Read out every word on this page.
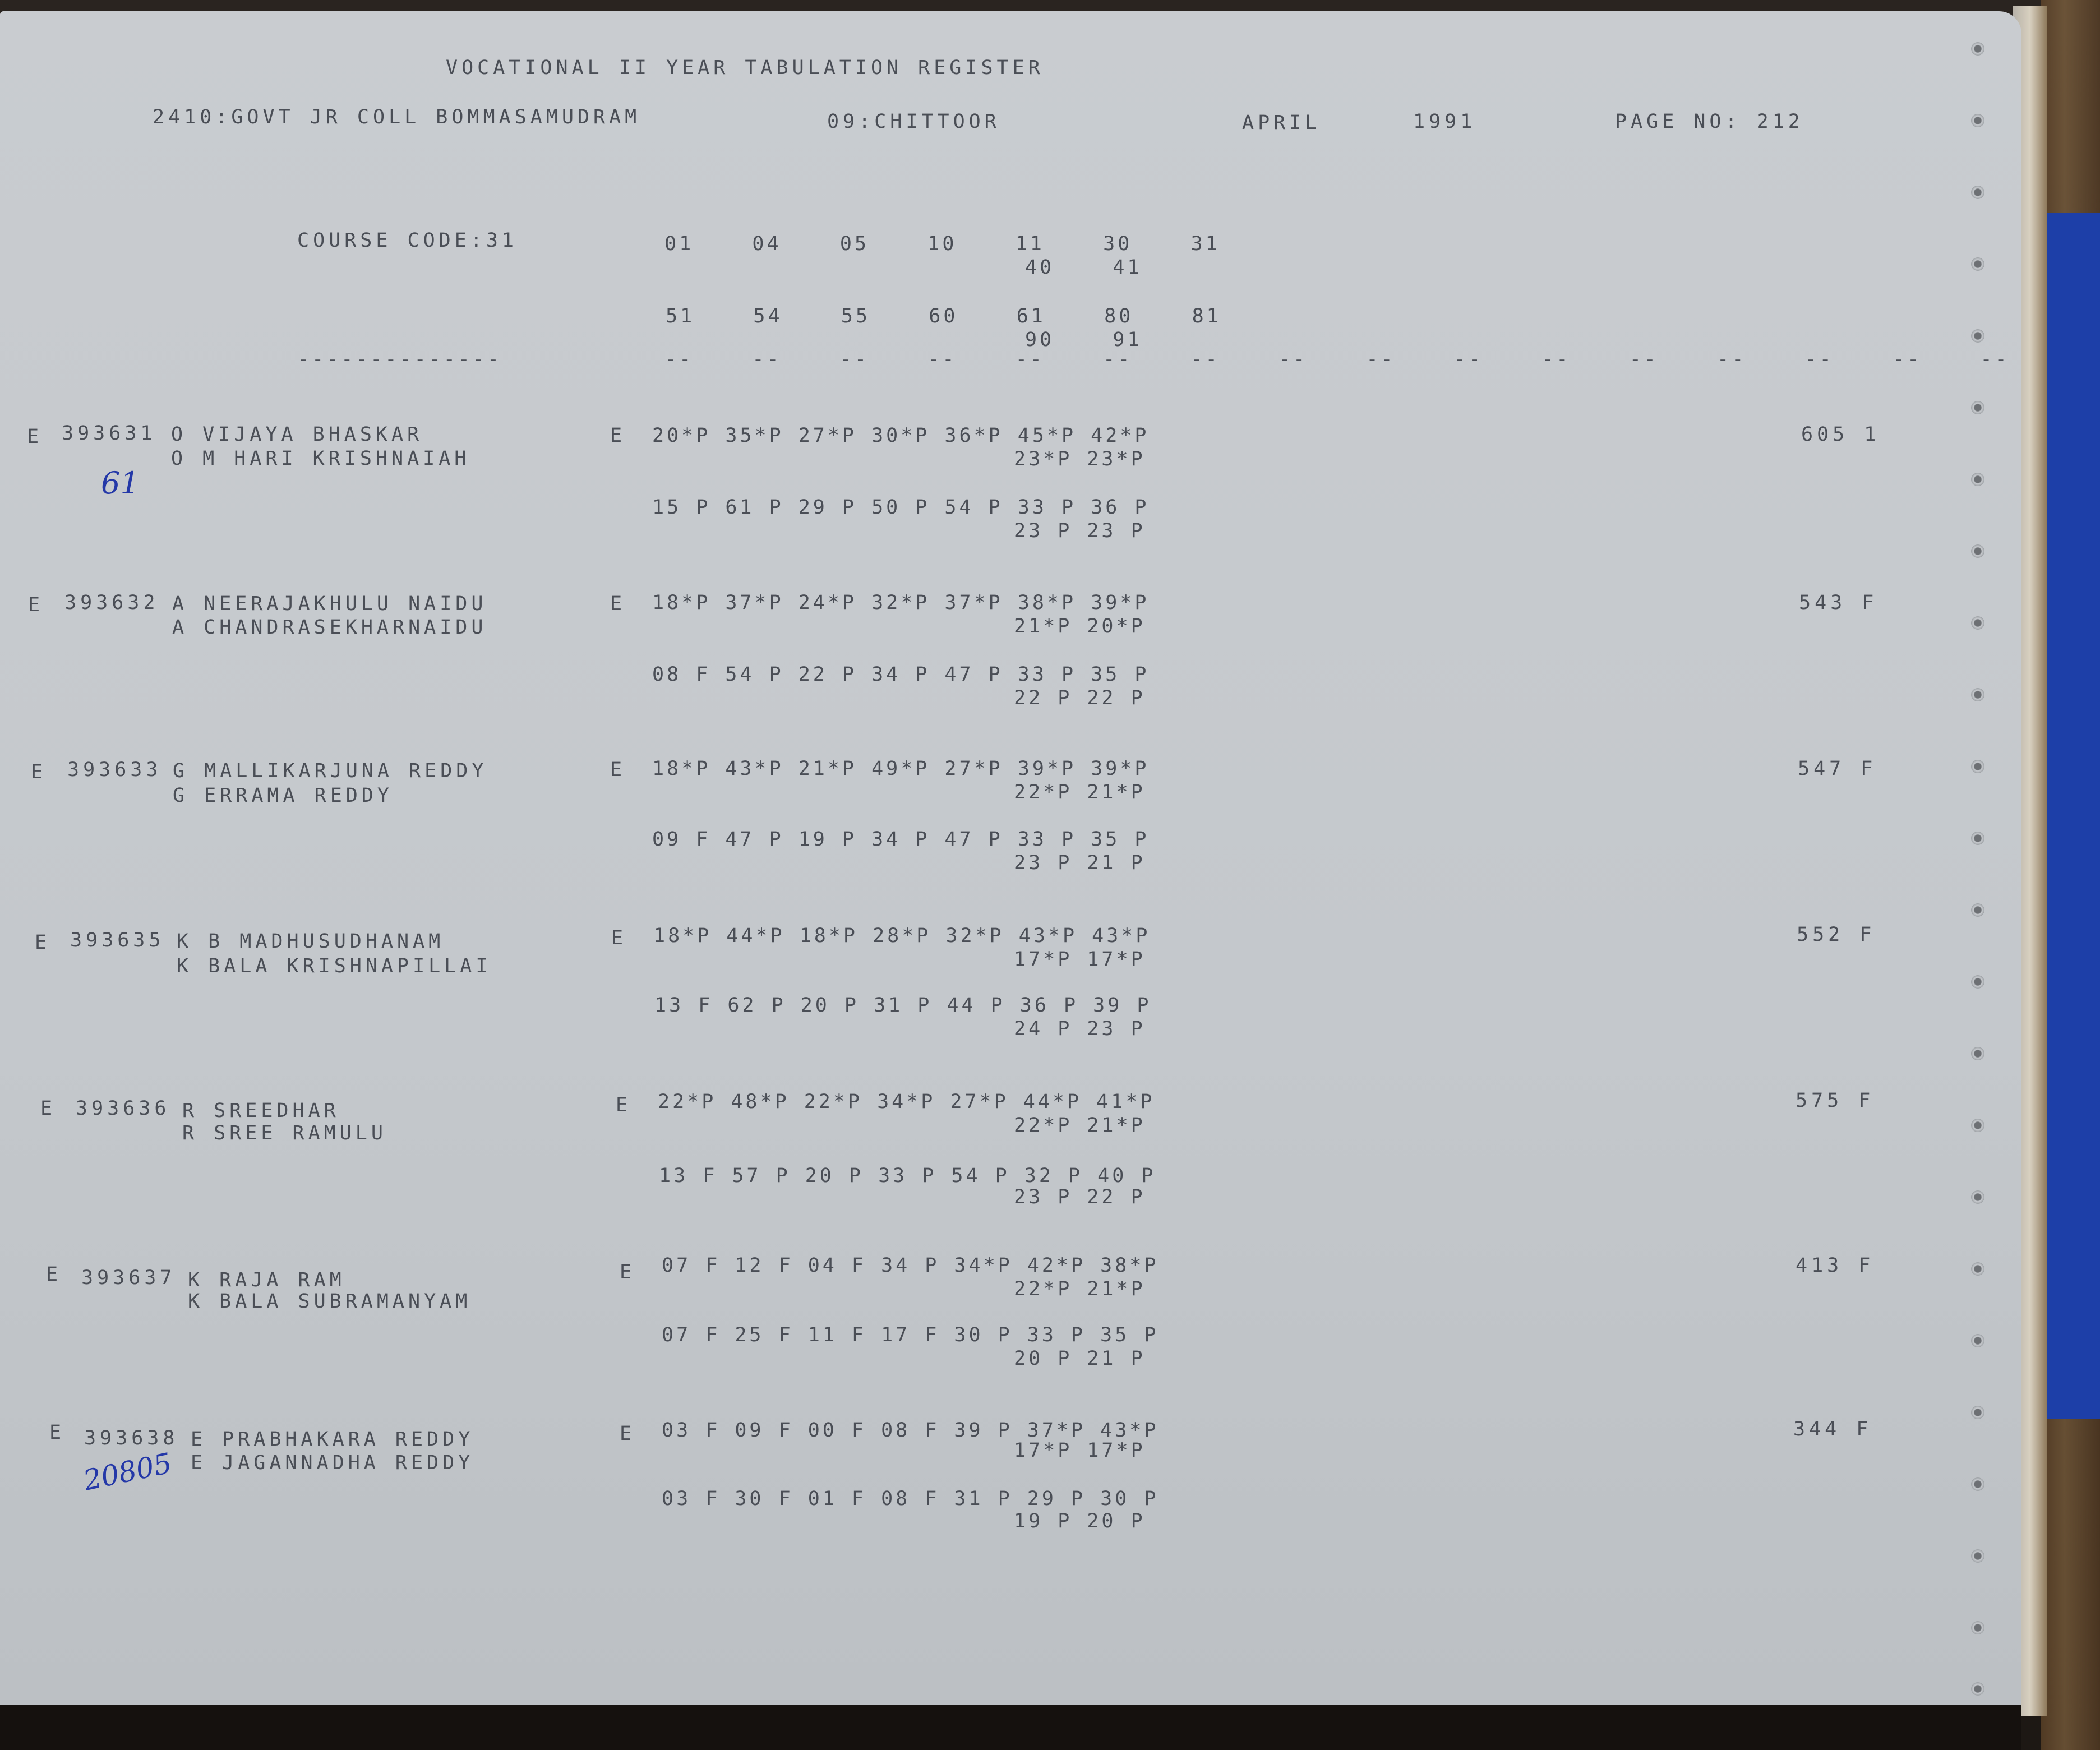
VOCATIONAL II YEAR TABULATION REGISTER
2410:GOVT JR COLL BOMMASAMUDRAM	09:CHITTOOR	APRIL	1991	PAGE NO: 212
COURSE CODE:31	01    04    05    10    11    30    31
40    41
51    54    55    60    61    80    81
90    91
--------------	--    --    --    --    --    --    --    --    --    --    --    --    --    --    --    --
E 393631 O VIJAYA BHASKAR
O M HARI KRISHNAIAH
E 20*P 35*P 27*P 30*P 36*P 45*P 42*P
23*P 23*P
15 P 61 P 29 P 50 P 54 P 33 P 36 P
23 P 23 P
605 1
61
E 393632 A NEERAJAKHULU NAIDU
A CHANDRASEKHARNAIDU
E 18*P 37*P 24*P 32*P 37*P 38*P 39*P
21*P 20*P
08 F 54 P 22 P 34 P 47 P 33 P 35 P
22 P 22 P
543 F
E 393633 G MALLIKARJUNA REDDY
G ERRAMA REDDY
E 18*P 43*P 21*P 49*P 27*P 39*P 39*P
22*P 21*P
09 F 47 P 19 P 34 P 47 P 33 P 35 P
23 P 21 P
547 F
E 393635 K B MADHUSUDHANAM
K BALA KRISHNAPILLAI
E 18*P 44*P 18*P 28*P 32*P 43*P 43*P
17*P 17*P
13 F 62 P 20 P 31 P 44 P 36 P 39 P
24 P 23 P
552 F
E 393636 R SREEDHAR
R SREE RAMULU
E 22*P 48*P 22*P 34*P 27*P 44*P 41*P
22*P 21*P
13 F 57 P 20 P 33 P 54 P 32 P 40 P
23 P 22 P
575 F
E 393637 K RAJA RAM
K BALA SUBRAMANYAM
E 07 F 12 F 04 F 34 P 34*P 42*P 38*P
22*P 21*P
07 F 25 F 11 F 17 F 30 P 33 P 35 P
20 P 21 P
413 F
E 393638 E PRABHAKARA REDDY
E JAGANNADHA REDDY
E 03 F 09 F 00 F 08 F 39 P 37*P 43*P
17*P 17*P
03 F 30 F 01 F 08 F 31 P 29 P 30 P
19 P 20 P
344 F
20805
